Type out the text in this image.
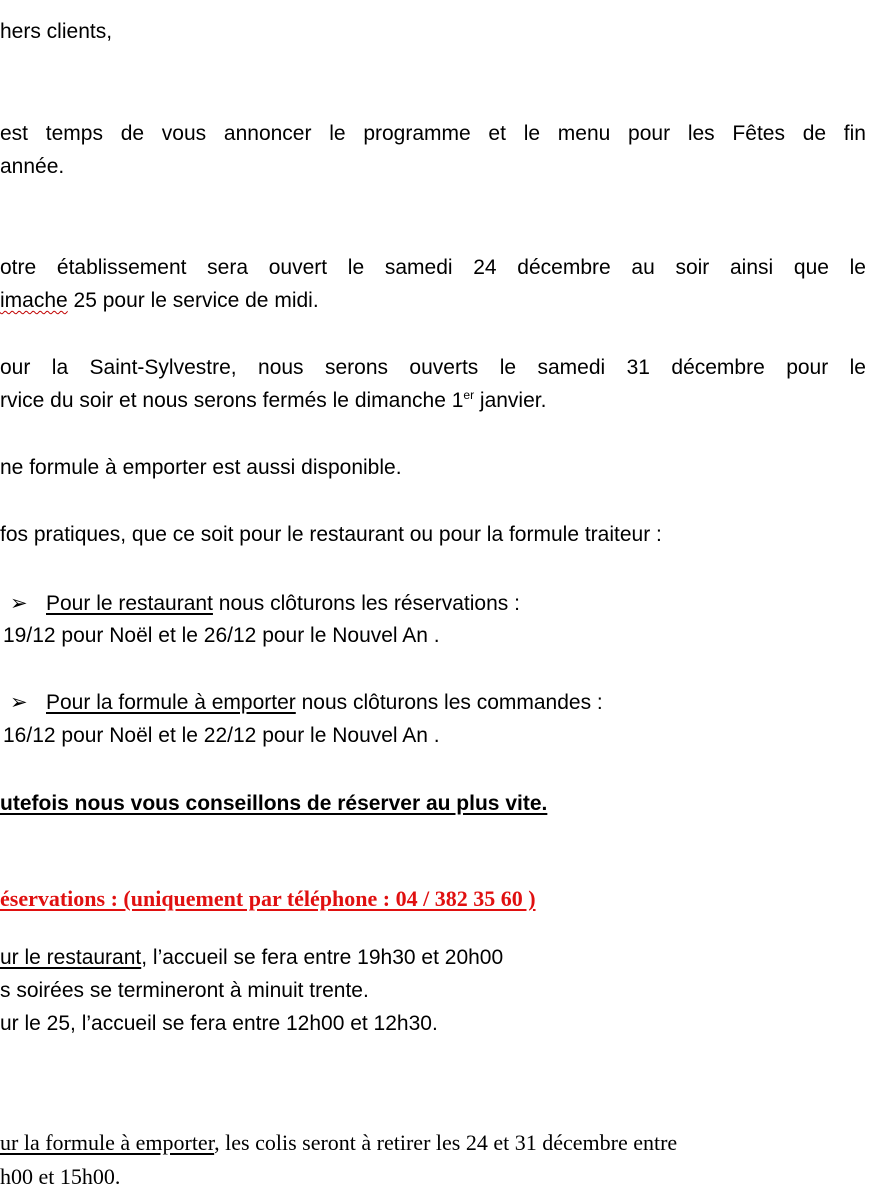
hers clients,
est temps de vous annoncer le programme et le menu pour les Fêtes de fin
année.
otre établissement sera ouvert le samedi 24 décembre au soir ainsi que le
imache 25 pour le service de midi.
our la Saint-Sylvestre, nous serons ouverts le samedi 31 décembre pour le
rvice du soir et nous serons fermés le dimanche 1er janvier.
ne formule à emporter est aussi disponible.
fos pratiques, que ce soit pour le restaurant ou pour la formule traiteur :
➢ Pour le restaurant nous clôturons les réservations :
19/12 pour Noël et le 26/12 pour le Nouvel An .
➢ Pour la formule à emporter nous clôturons les commandes :
16/12 pour Noël et le 22/12 pour le Nouvel An .
utefois nous vous conseillons de réserver au plus vite.
éservations : (uniquement par téléphone : 04 / 382 35 60 )
ur le restaurant, l’accueil se fera entre 19h30 et 20h00
s soirées se termineront à minuit trente.
ur le 25, l’accueil se fera entre 12h00 et 12h30.
ur la formule à emporter, les colis seront à retirer les 24 et 31 décembre entre
h00 et 15h00.
